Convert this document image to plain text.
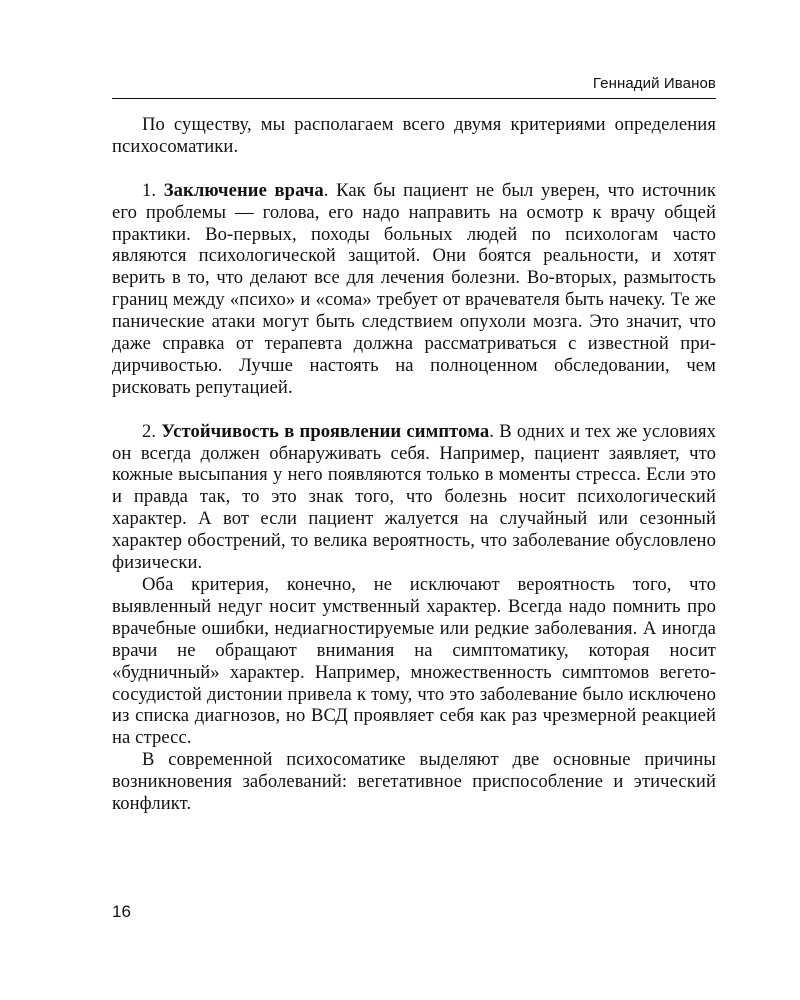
Геннадий Иванов

По существу, мы располагаем всего двумя критериями определения психосоматики.

1. Заключение врача. Как бы пациент не был уверен, что источник его проблемы — голова, его надо направить на осмотр к врачу общей практики. Во-первых, походы больных людей по психологам часто являются психологической защитой. Они боятся реальности, и хотят верить в то, что делают все для лечения болезни. Во-вторых, размытость границ между «психо» и «сома» требует от врачевателя быть начеку. Те же панические атаки могут быть следствием опухоли мозга. Это значит, что даже справка от терапевта должна рассматриваться с известной придирчивостью. Лучше настоять на полноценном обследовании, чем рисковать репутацией.

2. Устойчивость в проявлении симптома. В одних и тех же условиях он всегда должен обнаруживать себя. Например, пациент заявляет, что кожные высыпания у него появляются только в моменты стресса. Если это и правда так, то это знак того, что болезнь носит психологический характер. А вот если пациент жалуется на случайный или сезонный характер обострений, то велика вероятность, что заболевание обусловлено физически.

Оба критерия, конечно, не исключают вероятность того, что выявленный недуг носит умственный характер. Всегда надо помнить про врачебные ошибки, недиагностируемые или редкие заболевания. А иногда врачи не обращают внимания на симптоматику, которая носит «будничный» характер. Например, множественность симптомов вегетососудистой дистонии привела к тому, что это заболевание было исключено из списка диагнозов, но ВСД проявляет себя как раз чрезмерной реакцией на стресс.

В современной психосоматике выделяют две основные причины возникновения заболеваний: вегетативное приспособление и этический конфликт.

16
